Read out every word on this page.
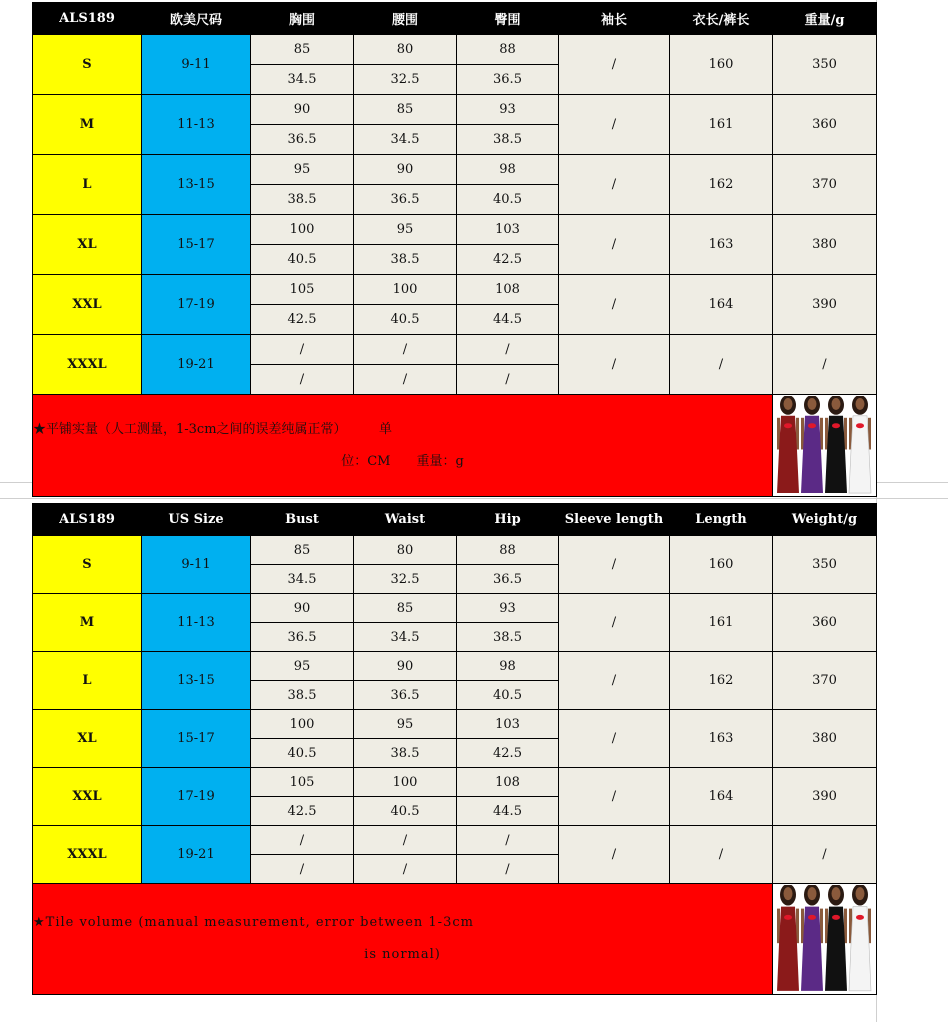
ALS189	欧美尺码	胸围	腰围	臀围	袖长	衣长/裤长	重量/g
S	9-11	85	80	88	/	160	350
		34.5	32.5	36.5			
M	11-13	90	85	93	/	161	360
		36.5	34.5	38.5			
L	13-15	95	90	98	/	162	370
		38.5	36.5	40.5			
XL	15-17	100	95	103	/	163	380
		40.5	38.5	42.5			
XXL	17-19	105	100	108	/	164	390
		42.5	40.5	44.5			
XXXL	19-21	/	/	/	/	/	/
		/	/	/			

★平铺实量（人工测量，1-3cm之间的误差纯属正常）　　　单
位：CM　　重量：g

ALS189	US Size	Bust	Waist	Hip	Sleeve length	Length	Weight/g
S	9-11	85	80	88	/	160	350
		34.5	32.5	36.5			
M	11-13	90	85	93	/	161	360
		36.5	34.5	38.5			
L	13-15	95	90	98	/	162	370
		38.5	36.5	40.5			
XL	15-17	100	95	103	/	163	380
		40.5	38.5	42.5			
XXL	17-19	105	100	108	/	164	390
		42.5	40.5	44.5			
XXXL	19-21	/	/	/	/	/	/
		/	/	/			

★Tile volume (manual measurement, error between 1-3cm
is normal)
